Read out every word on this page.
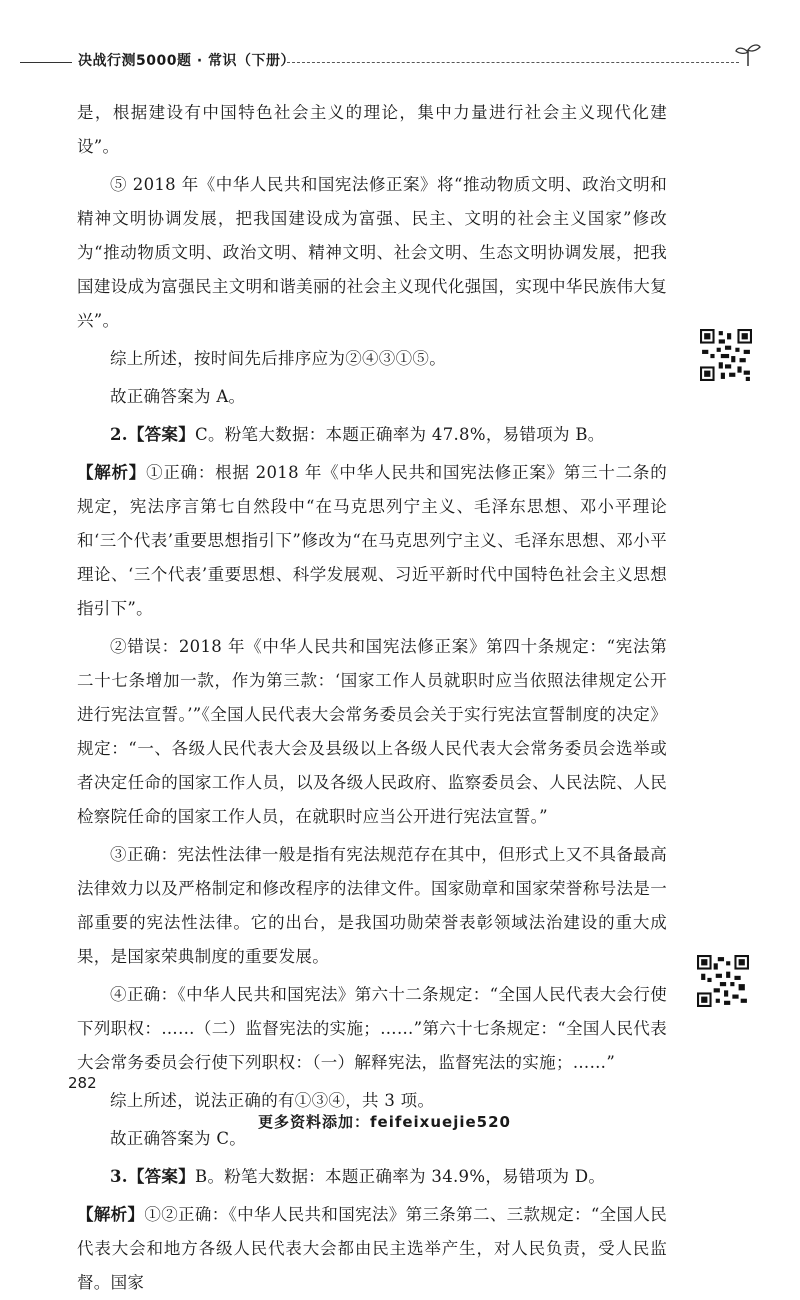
决战行测5000题 · 常识（下册）

是，根据建设有中国特色社会主义的理论，集中力量进行社会主义现代化建设”。

⑤ 2018 年《中华人民共和国宪法修正案》将“推动物质文明、政治文明和精神文明协调发展，把我国建设成为富强、民主、文明的社会主义国家”修改为“推动物质文明、政治文明、精神文明、社会文明、生态文明协调发展，把我国建设成为富强民主文明和谐美丽的社会主义现代化强国，实现中华民族伟大复兴”。

综上所述，按时间先后排序应为②④③①⑤。

故正确答案为 A。

2.【答案】C。粉笔大数据：本题正确率为 47.8%，易错项为 B。

【解析】①正确：根据 2018 年《中华人民共和国宪法修正案》第三十二条的规定，宪法序言第七自然段中“在马克思列宁主义、毛泽东思想、邓小平理论和‘三个代表’重要思想指引下”修改为“在马克思列宁主义、毛泽东思想、邓小平理论、‘三个代表’重要思想、科学发展观、习近平新时代中国特色社会主义思想指引下”。

②错误：2018 年《中华人民共和国宪法修正案》第四十条规定：“宪法第二十七条增加一款，作为第三款：‘国家工作人员就职时应当依照法律规定公开进行宪法宣誓。’”《全国人民代表大会常务委员会关于实行宪法宣誓制度的决定》规定：“一、各级人民代表大会及县级以上各级人民代表大会常务委员会选举或者决定任命的国家工作人员，以及各级人民政府、监察委员会、人民法院、人民检察院任命的国家工作人员，在就职时应当公开进行宪法宣誓。”

③正确：宪法性法律一般是指有宪法规范存在其中，但形式上又不具备最高法律效力以及严格制定和修改程序的法律文件。国家勋章和国家荣誉称号法是一部重要的宪法性法律。它的出台，是我国功勋荣誉表彰领域法治建设的重大成果，是国家荣典制度的重要发展。

④正确：《中华人民共和国宪法》第六十二条规定：“全国人民代表大会行使下列职权：……（二）监督宪法的实施；……”第六十七条规定：“全国人民代表大会常务委员会行使下列职权：（一）解释宪法，监督宪法的实施；……”

综上所述，说法正确的有①③④，共 3 项。

故正确答案为 C。

3.【答案】B。粉笔大数据：本题正确率为 34.9%，易错项为 D。

【解析】①②正确：《中华人民共和国宪法》第三条第二、三款规定：“全国人民代表大会和地方各级人民代表大会都由民主选举产生，对人民负责，受人民监督。国家

282
更多资料添加：feifeixuejie520
